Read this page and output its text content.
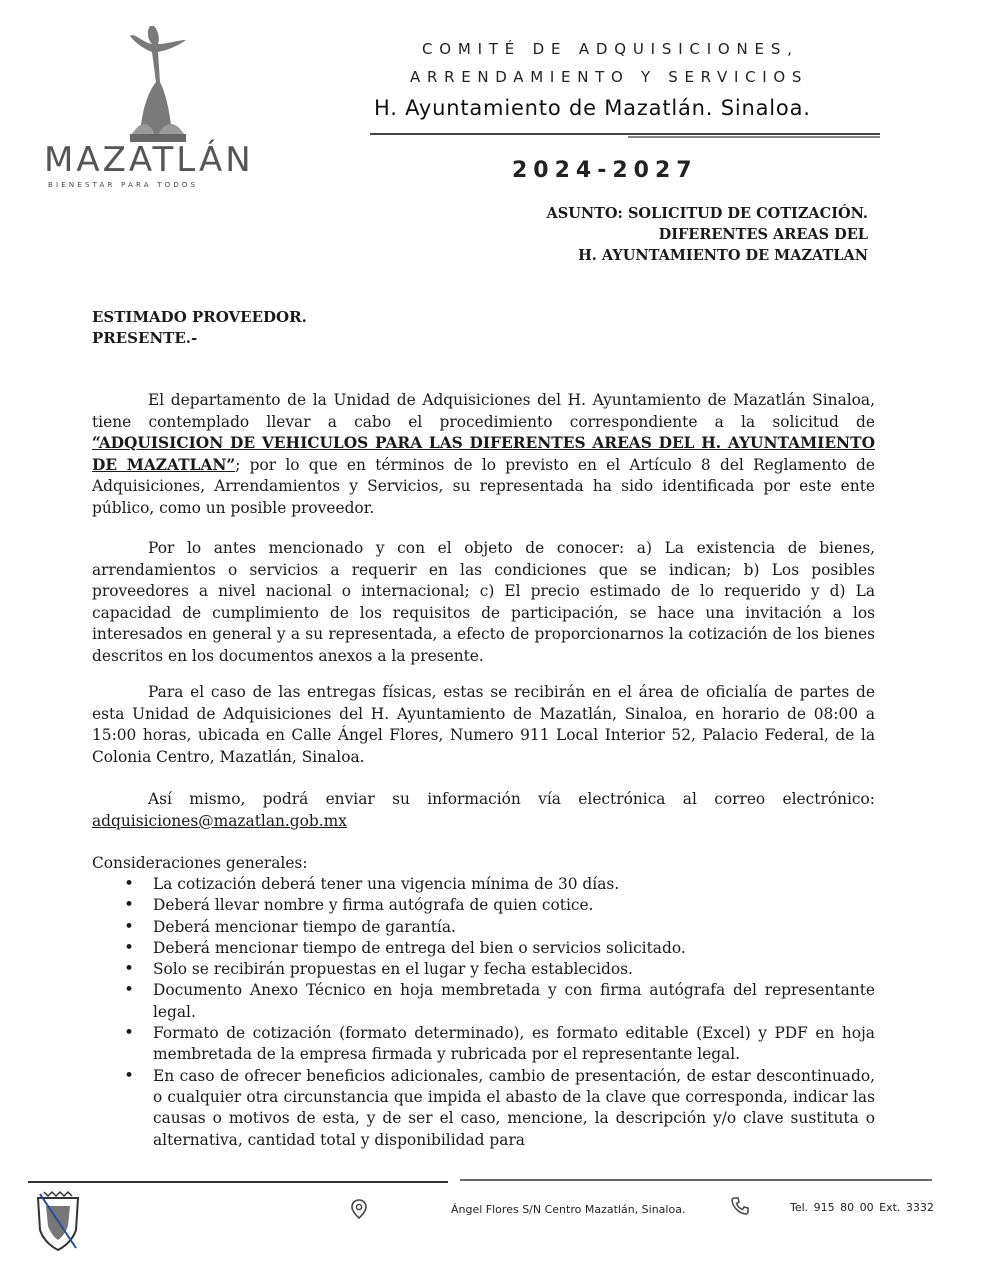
MAZATLÁN
BIENESTAR PARA TODOS
COMITÉ DE ADQUISICIONES,
ARRENDAMIENTO Y SERVICIOS
H. Ayuntamiento de Mazatlán. Sinaloa.
2024-2027
ASUNTO: SOLICITUD DE COTIZACIÓN.
DIFERENTES AREAS DEL
H. AYUNTAMIENTO DE MAZATLAN
ESTIMADO PROVEEDOR.
PRESENTE.-

El departamento de la Unidad de Adquisiciones del H. Ayuntamiento de Mazatlán Sinaloa, tiene contemplado llevar a cabo el procedimiento correspondiente a la solicitud de “ADQUISICION DE VEHICULOS PARA LAS DIFERENTES AREAS DEL H. AYUNTAMIENTO DE MAZATLAN”; por lo que en términos de lo previsto en el Artículo 8 del Reglamento de Adquisiciones, Arrendamientos y Servicios, su representada ha sido identificada por este ente público, como un posible proveedor.

Por lo antes mencionado y con el objeto de conocer: a) La existencia de bienes, arrendamientos o servicios a requerir en las condiciones que se indican; b) Los posibles proveedores a nivel nacional o internacional; c) El precio estimado de lo requerido y d) La capacidad de cumplimiento de los requisitos de participación, se hace una invitación a los interesados en general y a su representada, a efecto de proporcionarnos la cotización de los bienes descritos en los documentos anexos a la presente.

Para el caso de las entregas físicas, estas se recibirán en el área de oficialía de partes de esta Unidad de Adquisiciones del H. Ayuntamiento de Mazatlán, Sinaloa, en horario de 08:00 a 15:00 horas, ubicada en Calle Ángel Flores, Numero 911 Local Interior 52, Palacio Federal, de la Colonia Centro, Mazatlán, Sinaloa.

Así mismo, podrá enviar su información vía electrónica al correo electrónico: adquisiciones@mazatlan.gob.mx

Consideraciones generales:
• La cotización deberá tener una vigencia mínima de 30 días.
• Deberá llevar nombre y firma autógrafa de quien cotice.
• Deberá mencionar tiempo de garantía.
• Deberá mencionar tiempo de entrega del bien o servicios solicitado.
• Solo se recibirán propuestas en el lugar y fecha establecidos.
• Documento Anexo Técnico en hoja membretada y con firma autógrafa del representante legal.
• Formato de cotización (formato determinado), es formato editable (Excel) y PDF en hoja membretada de la empresa firmada y rubricada por el representante legal.
• En caso de ofrecer beneficios adicionales, cambio de presentación, de estar descontinuado, o cualquier otra circunstancia que impida el abasto de la clave que corresponda, indicar las causas o motivos de esta, y de ser el caso, mencione, la descripción y/o clave sustituta o alternativa, cantidad total y disponibilidad para
Ángel Flores S/N Centro Mazatlán, Sinaloa.	Tel. 915 80 00 Ext. 3332
